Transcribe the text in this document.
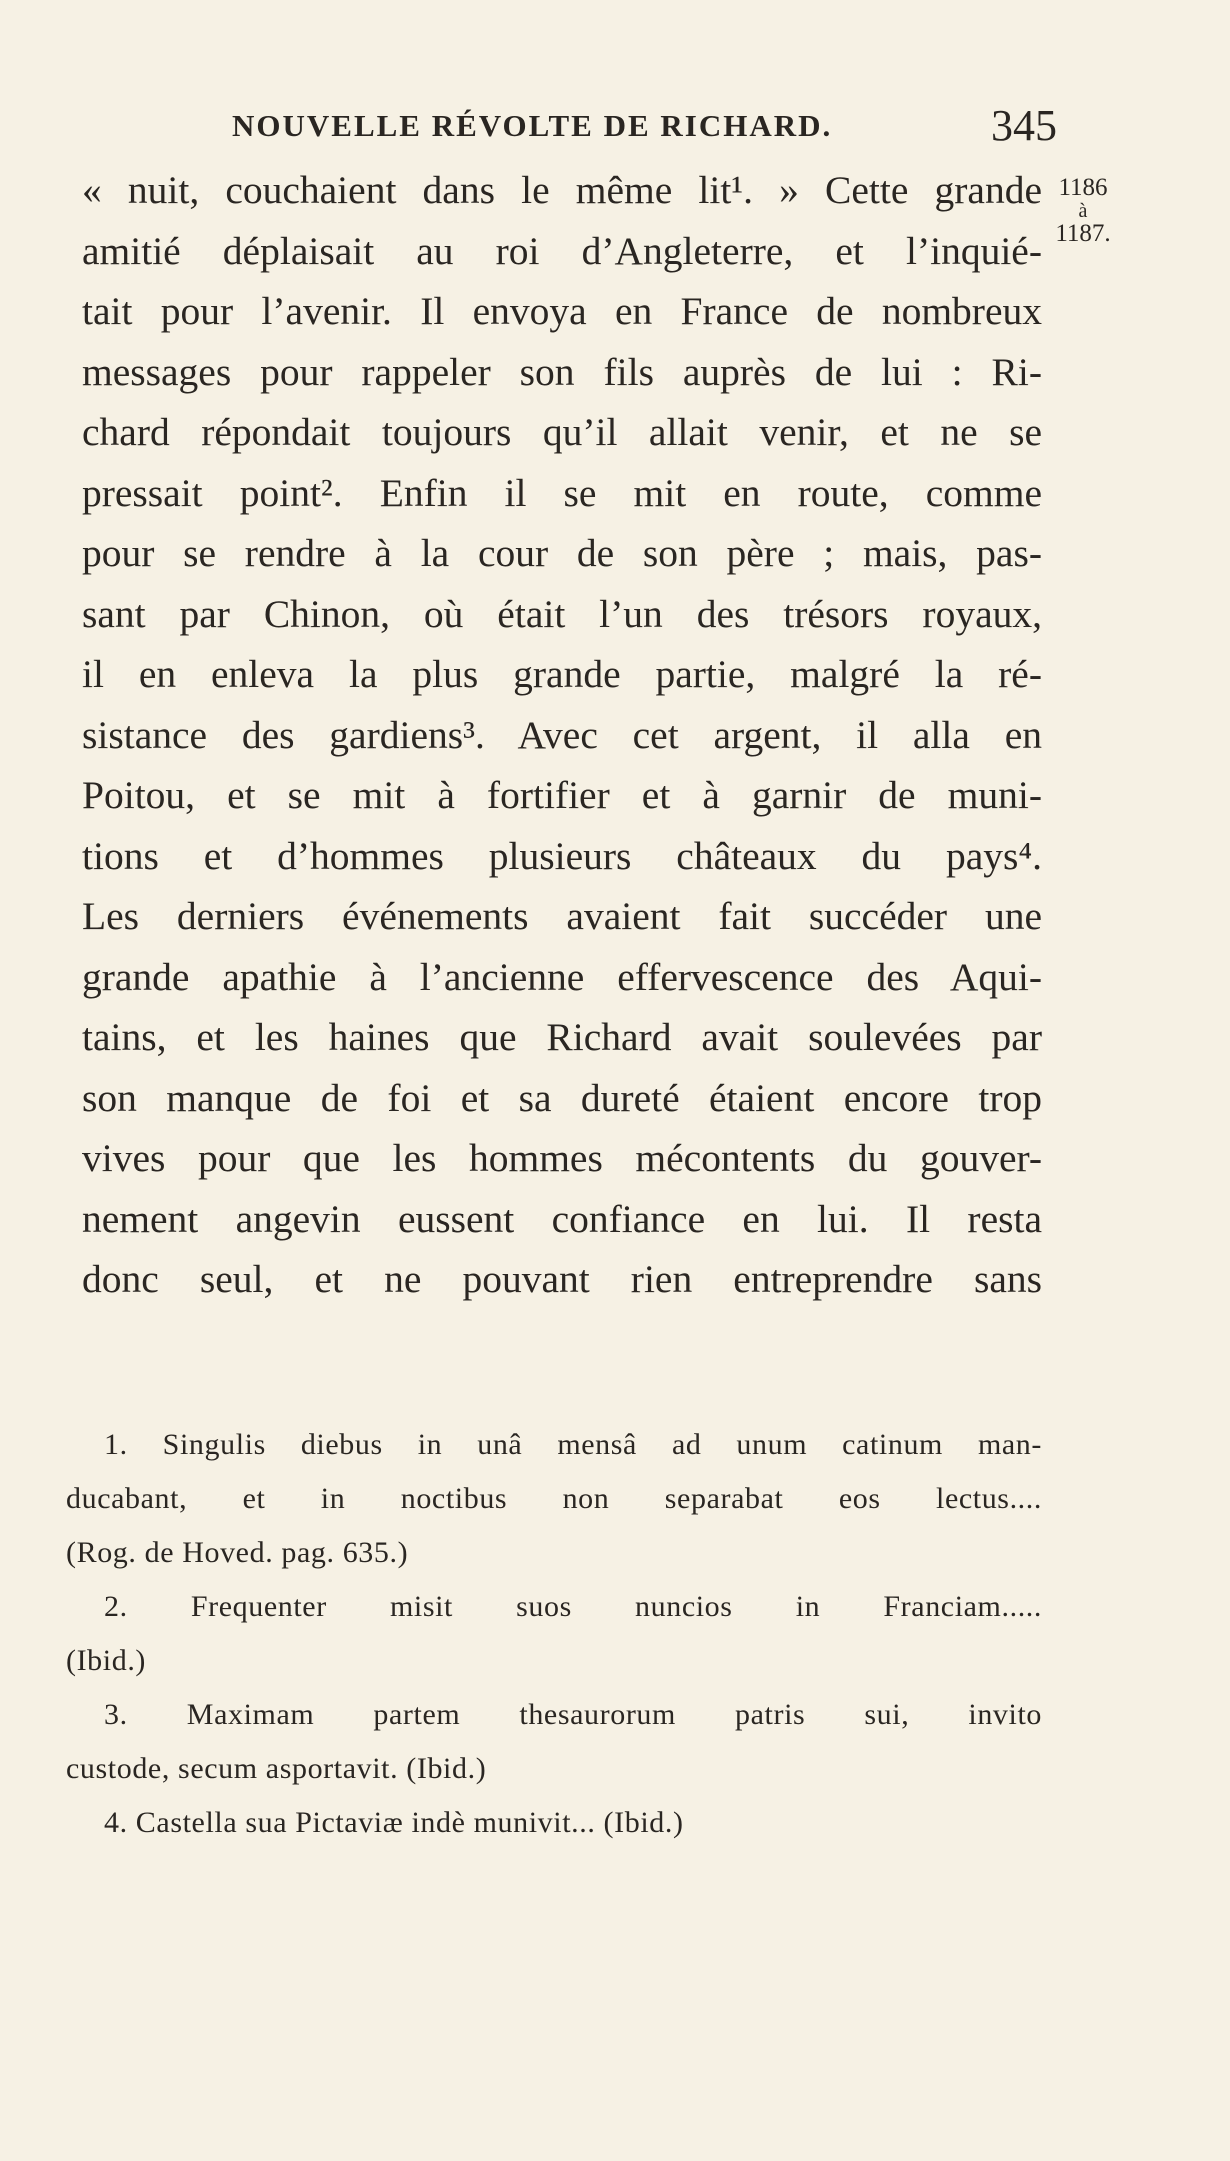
NOUVELLE RÉVOLTE DE RICHARD.	345
1186
à
1187.
« nuit, couchaient dans le même lit¹. » Cette grande
amitié déplaisait au roi d’Angleterre, et l’inquié-
tait pour l’avenir. Il envoya en France de nombreux
messages pour rappeler son fils auprès de lui : Ri-
chard répondait toujours qu’il allait venir, et ne se
pressait point². Enfin il se mit en route, comme
pour se rendre à la cour de son père ; mais, pas-
sant par Chinon, où était l’un des trésors royaux,
il en enleva la plus grande partie, malgré la ré-
sistance des gardiens³. Avec cet argent, il alla en
Poitou, et se mit à fortifier et à garnir de muni-
tions et d’hommes plusieurs châteaux du pays⁴.
Les derniers événements avaient fait succéder une
grande apathie à l’ancienne effervescence des Aqui-
tains, et les haines que Richard avait soulevées par
son manque de foi et sa dureté étaient encore trop
vives pour que les hommes mécontents du gouver-
nement angevin eussent confiance en lui. Il resta
donc seul, et ne pouvant rien entreprendre sans
1. Singulis diebus in unâ mensâ ad unum catinum man-
ducabant, et in noctibus non separabat eos lectus....
(Rog. de Hoved. pag. 635.)
2. Frequenter misit suos nuncios in Franciam.....
(Ibid.)
3. Maximam partem thesaurorum patris sui, invito
custode, secum asportavit. (Ibid.)
4. Castella sua Pictaviæ indè munivit... (Ibid.)
